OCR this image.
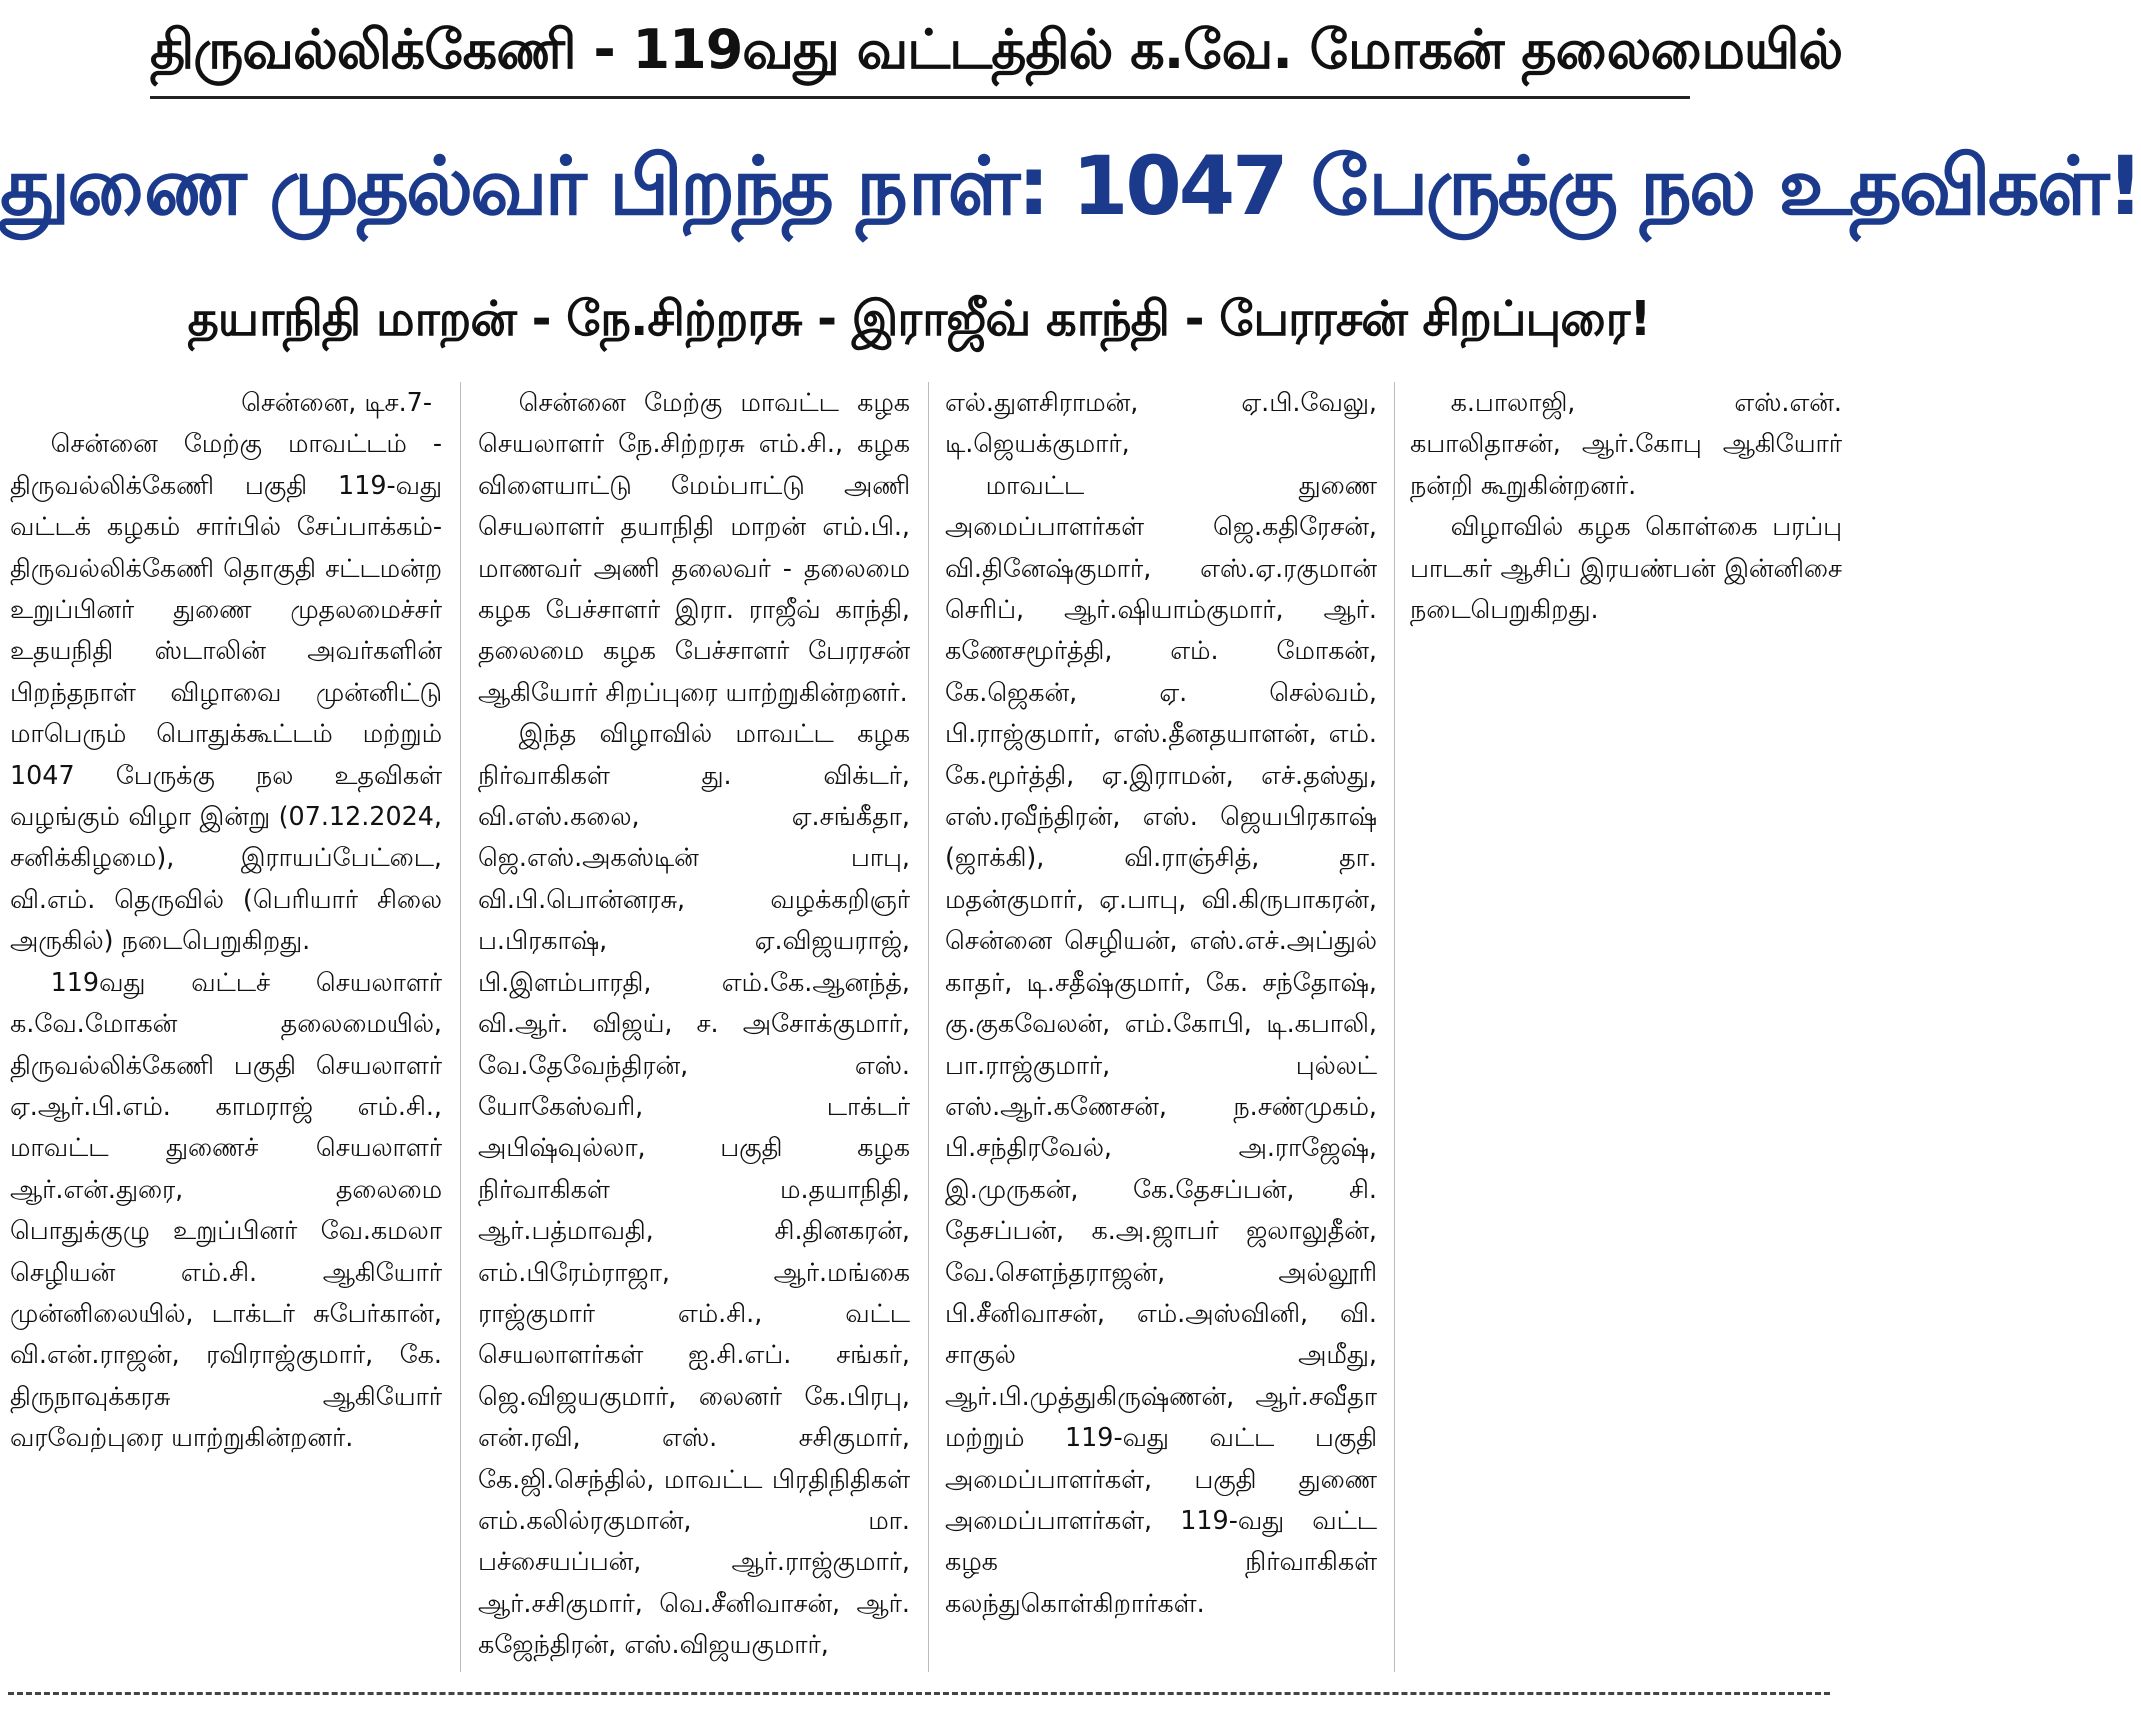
திருவல்லிக்கேணி - 119வது வட்டத்தில் க.வே. மோகன் தலைமையில்
துணை முதல்வர் பிறந்த நாள்: 1047 பேருக்கு நல உதவிகள்!
தயாநிதி மாறன் - நே.சிற்றரசு - இராஜீவ் காந்தி - பேரரசன் சிறப்புரை!

சென்னை, டிச.7-

சென்னை மேற்கு மாவட்டம் - திருவல்லிக்கேணி பகுதி 119-வது வட்டக் கழகம் சார்பில் சேப்பாக்கம்- திருவல்லிக்கேணி தொகுதி சட்டமன்ற உறுப்பினர் துணை முதலமைச்சர் உதயநிதி ஸ்டாலின் அவர்களின் பிறந்தநாள் விழாவை முன்னிட்டு மாபெரும் பொதுக்கூட்டம் மற்றும் 1047 பேருக்கு நல உதவிகள் வழங்கும் விழா இன்று (07.12.2024, சனிக்கிழமை), இராயப்பேட்டை, வி.எம். தெருவில் (பெரியார் சிலை அருகில்) நடைபெறுகிறது.

119வது வட்டச் செயலாளர் க.வே.மோகன் தலைமையில், திருவல்லிக்கேணி பகுதி செயலாளர் ஏ.ஆர்.பி.எம். காமராஜ் எம்.சி., மாவட்ட துணைச் செயலாளர் ஆர்.என்.துரை, தலைமை பொதுக்குழு உறுப்பினர் வே.கமலா செழியன் எம்.சி. ஆகியோர் முன்னிலையில், டாக்டர் சுபேர்கான், வி.என்.ராஜன், ரவிராஜ்குமார், கே. திருநாவுக்கரசு ஆகியோர் வரவேற்புரை யாற்றுகின்றனர்.

சென்னை மேற்கு மாவட்ட கழக செயலாளர் நே.சிற்றரசு எம்.சி., கழக விளையாட்டு மேம்பாட்டு அணி செயலாளர் தயாநிதி மாறன் எம்.பி., மாணவர் அணி தலைவர் - தலைமை கழக பேச்சாளர் இரா. ராஜீவ் காந்தி, தலைமை கழக பேச்சாளர் பேரரசன் ஆகியோர் சிறப்புரை யாற்றுகின்றனர்.

இந்த விழாவில் மாவட்ட கழக நிர்வாகிகள் து. விக்டர், வி.எஸ்.கலை, ஏ.சங்கீதா, ஜெ.எஸ்.அகஸ்டின் பாபு, வி.பி.பொன்னரசு, வழக்கறிஞர் ப.பிரகாஷ், ஏ.விஜயராஜ், பி.இளம்பாரதி, எம்.கே.ஆனந்த், வி.ஆர். விஜய், ச. அசோக்குமார், வே.தேவேந்திரன், எஸ். யோகேஸ்வரி, டாக்டர் அபிஷ்வுல்லா, பகுதி கழக நிர்வாகிகள் ம.தயாநிதி, ஆர்.பத்மாவதி, சி.தினகரன், எம்.பிரேம்ராஜா, ஆர்.மங்கை ராஜ்குமார் எம்.சி., வட்ட செயலாளர்கள் ஐ.சி.எப். சங்கர், ஜெ.விஜயகுமார், லைனர் கே.பிரபு, என்.ரவி, எஸ். சசிகுமார், கே.ஜி.செந்தில், மாவட்ட பிரதிநிதிகள் எம்.கலில்ரகுமான், மா. பச்சையப்பன், ஆர்.ராஜ்குமார், ஆர்.சசிகுமார், வெ.சீனிவாசன், ஆர். கஜேந்திரன், எஸ்.விஜயகுமார்,

எல்.துளசிராமன், ஏ.பி.வேலு, டி.ஜெயக்குமார்,

மாவட்ட துணை அமைப்பாளர்கள் ஜெ.கதிரேசன், வி.தினேஷ்குமார், எஸ்.ஏ.ரகுமான் செரிப், ஆர்.ஷியாம்குமார், ஆர். கணேசமூர்த்தி, எம். மோகன், கே.ஜெகன், ஏ. செல்வம், பி.ராஜ்குமார், எஸ்.தீனதயாளன், எம். கே.மூர்த்தி, ஏ.இராமன், எச்.தஸ்து, எஸ்.ரவீந்திரன், எஸ். ஜெயபிரகாஷ் (ஜாக்கி), வி.ராஞ்சித், தா. மதன்குமார், ஏ.பாபு, வி.கிருபாகரன், சென்னை செழியன், எஸ்.எச்.அப்துல் காதர், டி.சதீஷ்குமார், கே. சந்தோஷ், கு.குகவேலன், எம்.கோபி, டி.கபாலி, பா.ராஜ்குமார், புல்லட் எஸ்.ஆர்.கணேசன், ந.சண்முகம், பி.சந்திரவேல், அ.ராஜேஷ், இ.முருகன், கே.தேசப்பன், சி. தேசப்பன், க.அ.ஜாபர் ஜலாலுதீன், வே.சௌந்தராஜன், அல்லூரி பி.சீனிவாசன், எம்.அஸ்வினி, வி. சாகுல் அமீது, ஆர்.பி.முத்துகிருஷ்ணன், ஆர்.சவீதா மற்றும் 119-வது வட்ட பகுதி அமைப்பாளர்கள், பகுதி துணை அமைப்பாளர்கள், 119-வது வட்ட கழக நிர்வாகிகள் கலந்துகொள்கிறார்கள்.

க.பாலாஜி, எஸ்.என். கபாலிதாசன், ஆர்.கோபு ஆகியோர் நன்றி கூறுகின்றனர்.

விழாவில் கழக கொள்கை பரப்பு பாடகர் ஆசிப் இரயண்பன் இன்னிசை நடைபெறுகிறது.
